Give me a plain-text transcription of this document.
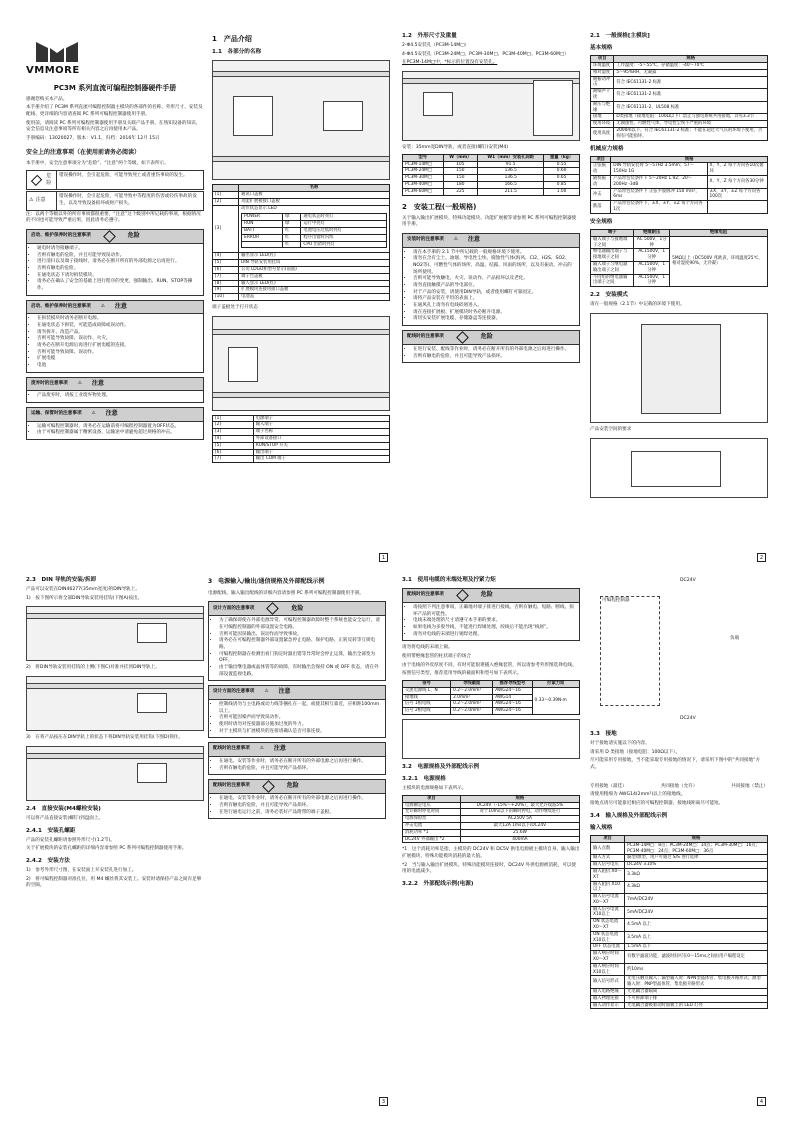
VMMORE
PC3M 系列直流可编程控制器硬件手册

感谢您购买本产品。

本手册介绍了 PC3M 系列直流可编程控制器主模块的各部件的名称、外形尺寸、安装及配线、更详细的内容请查阅 PC 系列可编程控制器使用手册。

使用前，请阅读 PC 系列可编程控制器使用手册及关联产品手册，在熟知设备的知识、安全信息及注意事项等所有相关内容之后再使用本产品。

手册编码：13020027，版本：V1.1，归档：2016年 12月 15日

安全上的注意事项（在使用前请务必阅读）

本手册中，安全注意事项分为“危险”、“注意”两个等级，如下表所示。

危险
错误操作时，会引起危险，可能导致死亡或者重伤事故的发生。
⚠ 注意
错误操作时，会引起危险，可能导致中等程度的伤害或轻伤事故的发生，以及导致设备损坏或财产损失。

注：以两个等级以外的所有事项都很重要，“注意”这个级别中所记载的事项，根据情况的不同也可能导致严重后果，因此请务必遵守。

启动、维护保养时的注意事项	危险
• 通电时请勿接触端子。
• 否则有触电的危险，并且可能导致误动作。
• 进行清扫以及端子接线时，请务必在断开所有的外部电源之后再进行。
• 否则有触电的危险。
• 在通电状态下请勿拆装模块。
• 请务必在确认了安全的基础上进行程序的变更、强制输出、RUN、STOP等操作。
启动、维护保养时的注意事项 ⚠ 注意
• 在拆装模块时请务必断开电源。
• 在通电状态下拆装，可能造成故障或误动作。
• 请勿拆开、改造产品。
• 否则可能导致故障、误动作、火灾。
• 请务必在断开电源后再进行扩展电缆的连接。
• 否则可能导致故障、误动作。
• 扩展电缆
• 电池
废弃时的注意事项 ⚠ 注意
• 产品废弃时，请按工业废弃物处理。
运输、保管时的注意事项 ⚠ 注意
• 运输可编程控制器时，请务必在运输前将可编程控制器置为OFF状态。
• 由于可编程控制器属于精密设备，运输途中请避免超过规格的冲击。
1　产品介绍
1.1　各部分的名称
	名称
[1]	通讯口盖板
[2]	功能扩展板接口盖板
[3]	
动作状态显示 LED
POWER	绿	通电状态时亮灯
RUN	绿	运行中亮灯
BATT	红	电池电压过低时亮灯
ERROR	红	程序出错时闪烁
	红	CPU 出错时亮灯

[4]	输出显示 LED(红)
[5]	DIN 导轨安装用挂钩
[6]	公司 LOGO和型号显示(前面)
[7]	端子台盖板
[8]	输入显示 LED(红)
[9]	扩展模块连接用接口盖板
[10]	电池盖

端子盖板处于打开状态

[1]	电源端子
[2]	输入端子
[3]	端子名称
[4]	外部设备接口
[5]	RUN/STOP 开关
[6]	输出端子
[7]	输出 COM 端子
1
1.2　外形尺寸及重量

2-Φ4.5安装孔（PC3M-14M□）

4-Φ4.5安装孔（PC3M-24M□、PC3M-30M□、PC3M-40M□、PC3M-60M□）

在PC3M-14M□中，*标示的位置没有安装孔。

安装：35mm宽DIN导轨，或者直接(螺钉)安装(M4)

型号	W（mm）	W1（mm）安装孔间距	重量（kg）
PC3M-14M□	105	91.5	0.55
PC3M-24M□	150	136.5	0.60
PC3M-30M□	150	136.5	0.65
PC3M-40M□	180	166.5	0.85
PC3M-60M□	225	211.5	1.00
2　安装工程(一般规格)

关于输入输出扩展模块、特殊功能模块、功能扩展板等请参照 PC 系列可编程控制器使用手册。

安装时的注意事项 ⚠ 注意
• 请在本手册的 2.1 节中所记载的一般规格环境下使用。
• 请勿在含有尘土、油烟、导电性尘埃、腐蚀性气体(海风、Cl2、H2S、SO2、NO2等)、可燃性气体的场所、高温、结露、风雨的场所，以及有振动、冲击的场所使用。
• 否则可能导致触电、火灾、误动作、产品损坏以及老化。
• 请勿直接触摸产品的导电部位。
• 对于产品的安装，请使用DIN导轨，或者使用螺钉可靠固定。
• 请将产品安装在平坦的表面上。
• 在通风孔上请勿有电线碎屑进入。
• 请在连接扩展板、扩展模块时务必断开电源。
• 请切实安装扩展电缆、存储器盒等连接器。
配线时的注意事项	危险
• 在进行安装、配线等作业时，请务必在断开所有的外部电源之后再进行操作。
• 否则有触电的危险，并且可能导致产品损坏。
2.1　一般规格[主模块]
基本规格
项目	规格
环境温度	工作温度：-5～55℃，存储温度：-40～70℃
相对湿度	5～95%RH，无凝露
耐振动冲击	符合 IEC61131-2 标准
耐噪声干扰	符合 IEC61131-2 标准
耐压与绝缘	符合 IEC61131-2、UL508 标准
接地	D类接地（接地电阻：100Ω以下）禁止与强电系统共用接地，详见3.3节
使用环境	无腐蚀性、可燃性气体，导电性尘埃不严重的环境
使用高度	2000m以下，符合 IEC61131-2 标准；不能在超过大气压的环境下使用，否则有可能损坏。
机械应力规格
项目	规格	
正弦振动	DIN 导轨安装时 5～57Hz 3.5mm；57～150Hz 1G	X、Y、Z 每个方向各10次循环
随机振动	产品带包装条件下 5～20Hz 1.92；20～200Hz -3dB	X、Y、Z 每个方向各30分钟
冲击	产品带包装条件下 正弦半波脉冲 150 m/s²，6ms	±X、±Y、±Z 每个方向各100次
跌落	产品带包装条件下，±X、±Y、±Z 每个方向各1次	
安全规格
端子	绝缘耐压	绝缘电阻
输入端子与接地端子之间	AC 500V，1分钟	5MΩ以上（DC500V 兆欧表，环境温度25℃，相对湿度90%，无冷凝）
继电器输出端子与接地端子之间	AC1500V，1分钟	
输入端子与继电器输出端子之间	AC1500V，1分钟	
不同组的继电器输出端子之间	AC1500V，1分钟	
2.2　安装模式

请在一般规格（2.1节）中记载的环境下使用。

产品安装空间的要求

2
2.3　DIN 导轨的安装/拆卸

产品可以安装在DIN46277(35mm宽度)的DIN导轨上。

1)　按下图所示将全部DIN导轨安装用挂钩(下图A)按出。

2)　将DIN导轨安装用挂钩的上侧(下图C)对准并挂到DIN导轨上。

3)　在将产品按压在DIN导轨上的状态下将DIN导轨安装用挂钩(下图D)锁住。

2.4　直接安装(M4螺栓安装)

可以将产品直接安装(螺钉)到盘面上。

2.4.1　安装孔螺距

产品的安装孔螺距请参照外形尺寸(1.2节)。

关于扩展模块的安装孔螺距的详细内容请参照 PC 系列可编程控制器使用手册。

2.4.2　安装方法

1)　参考外形尺寸图，在安装面上开安装孔进行加工。

2)　将可编程控制器对准孔位，用 M4 螺丝将其安装上。安装时请保持产品之间有足够的空隙。

3　电源输入/输出/通信规格及外部配线示例

电源配线、输入输出配线的详细内容请参照 PC 系列可编程控制器使用手册。

设计方面的注意事项	危险
• 为了确保即使在外部电源异常、可编程控制器故障时整个系统也能安全运行，请在可编程控制器的外部设置安全电路。
• 否则可能因误输出、误动作而导致事故。
• 请务必在可编程控制器外部设置紧急停止电路、保护电路、正转反转等互锁电路。
• 可编程控制器在检测出看门狗定时器出错等异常时会停止运算，输出全部变为 OFF。
• 由于输出继电器或晶体管等的故障，有时输出会保持 ON 或 OFF 状态，请在外部设置监视电路。
设计方面的注意事项 ⚠ 注意
• 控制线请勿与主电路或动力线等捆扎在一起，或使其相互靠近，应相距100mm以上。
• 否则可能因噪声而导致误动作。
• 使用时请勿对连接器部分施加过度的外力。
• 对于主模块与扩展模块的连接请确认是否可靠连接。
配线时的注意事项 ⚠ 注意
• 在通电、安装等作业时，请务必在断开所有的外部电源之后再进行操作。
• 否则有触电的危险，并且可能导致产品损坏。
配线时的注意事项	危险
• 在通电、安装等作业时，请务必在断开所有的外部电源之后再进行操作。
• 否则有触电的危险，并且可能导致产品损坏。
• 在进行通电运行之前，请务必装好产品附带的端子盖板。
3
3.1　使用电缆的末端处理及拧紧力矩
配线时的注意事项	危险
• 请按照下列注意事项，正确地对端子排进行接线。否则有触电、短路、断线、损坏产品的可能性。
• 电线末端处理的尺寸请遵守本手册的要求。
• 如果电线为多股导线，不能进行焊锡处理，绞线后不能出现“线屑”。
• 请勿对电线的末端进行锡焊处理。

请勿将电线的末端上锡。

使用带绝缘套管的柱状端子的场合

由于电线的外皮厚度不同，有时可能很难插入绝缘套管，所以请参考外形图选择电线。

按照信号类型，推荐选用导线的截面积和型号如下表所示。

信号	导线截面	推荐导线型号	拧紧力矩
交流电源线 L、N	0.2～2.0mm²	AWG24～16	0.33～0.39N·m
接地线	2.0mm²	AWG14	
信号 1根电线	0.2～2.0mm²	AWG24～16	
信号 2根电线	0.2～2.0mm²	AWG24～16	
3.2　电源规格及外部配线示例
3.2.1　电源规格

主模块的电源规格如下表所示。

项目	规格
电源额定电压	DC24V（-15%～+20%），最大允许纹波5%
允许瞬时停电时间	对于10ms以下的瞬时停电，动作继续进行
电源保险丝	AC250V 5A
冲击电流	最大12A 1ms以下/DC24V
消耗功率 *1	25.6W
DC24V 外部输出 *2	400mA

*1　这个消耗功率是指，主模块的 DC24V 和 DC5V 供电电源板主模块自身、输入输出扩展模块、特殊功能模块消耗的最大值。

*2　当与输入输出扩展模块、特殊功能模块连接时，DC24V 外供电源被消耗，可以使用的电流减少。

3.2.2　外部配线示例(电源)
DC24V
可编程控制器
DC24V
负载
3.3　接地

对于接地请实施以下的内容。

请采用 D 类接地（接地电阻：100Ω以下）。

尽可能采用专用接地，当不能采取专用接地的情况下，请采用下图中的“共同接地”方式。

专用接地（最佳）	共同接地（允许）	共同接地（禁止）

请使用粗细为 AWG14(2mm²)以上的接地线。

接地点请尽可能靠近相应的可编程控制器，接地线距离尽可能短。

3.4　输入规格及外部配线示例
输入规格
项目	规格
输入点数	PC3M-14M□：8点；PC3M-24M□：14点；PC3M-30M□：16点；PC3M-40M□：24点；PC3M-60M□：36点
输入方式	漏型/源型，用户可通过 S/S 进行选择
输入信号电压	DC24V ±10%
输入阻抗 X0～X7	3.3kΩ
输入阻抗 X10以上	4.3kΩ
输入信号电流 X0～X7	7mA/DC24V
输入信号电流 X10以上	5mA/DC24V
ON 状态电流 X0～X7	4.5mA 以上
ON 状态电流 X10以上	3.5mA 以上
OFF 状态电流	1.5mA 以下
输入响应时间 X0～X7	有数字滤波功能，滤波时间可在0～15ms之间由用户编程设定
输入响应时间 X10以上	约10ms
输入信号形式	无电压触点输入；漏型输入时：NPN型晶体管、集电极开路形式；源型输入时：PNP型晶体管、集电极开路形式
输入电路绝缘	光电耦合器隔离
输入物理连接	不可拆卸端子排
输入动作显示	光电耦合器被驱动时面板上的 LED 灯亮
4
